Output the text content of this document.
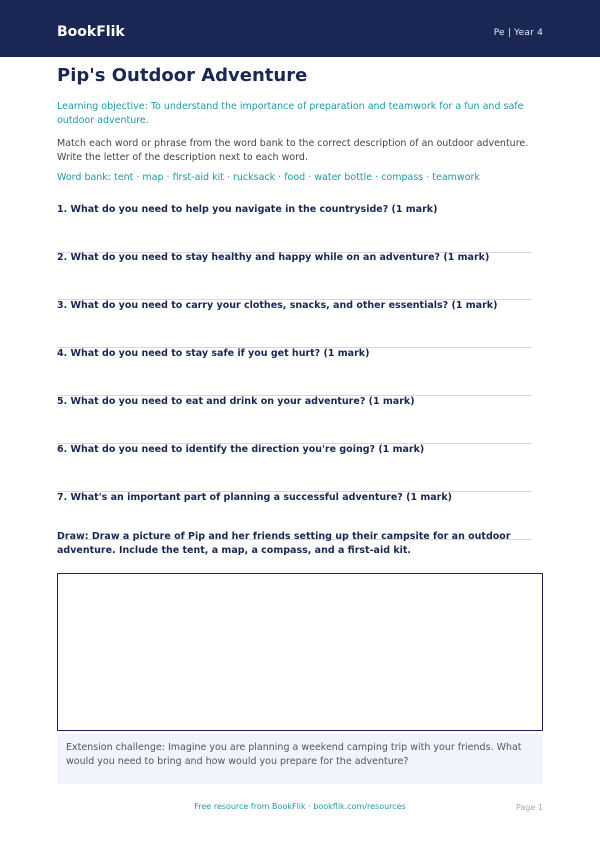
BookFlik	Pe | Year 4
Pip's Outdoor Adventure
Learning objective: To understand the importance of preparation and teamwork for a fun and safe outdoor adventure.
Match each word or phrase from the word bank to the correct description of an outdoor adventure. Write the letter of the description next to each word.
Word bank: tent · map · first-aid kit · rucksack · food · water bottle · compass · teamwork
1. What do you need to help you navigate in the countryside? (1 mark)
2. What do you need to stay healthy and happy while on an adventure? (1 mark)
3. What do you need to carry your clothes, snacks, and other essentials? (1 mark)
4. What do you need to stay safe if you get hurt? (1 mark)
5. What do you need to eat and drink on your adventure? (1 mark)
6. What do you need to identify the direction you're going? (1 mark)
7. What's an important part of planning a successful adventure? (1 mark)
Draw: Draw a picture of Pip and her friends setting up their campsite for an outdoor adventure. Include the tent, a map, a compass, and a first-aid kit.
Extension challenge: Imagine you are planning a weekend camping trip with your friends. What would you need to bring and how would you prepare for the adventure?
Free resource from BookFlik · bookflik.com/resources	Page 1
